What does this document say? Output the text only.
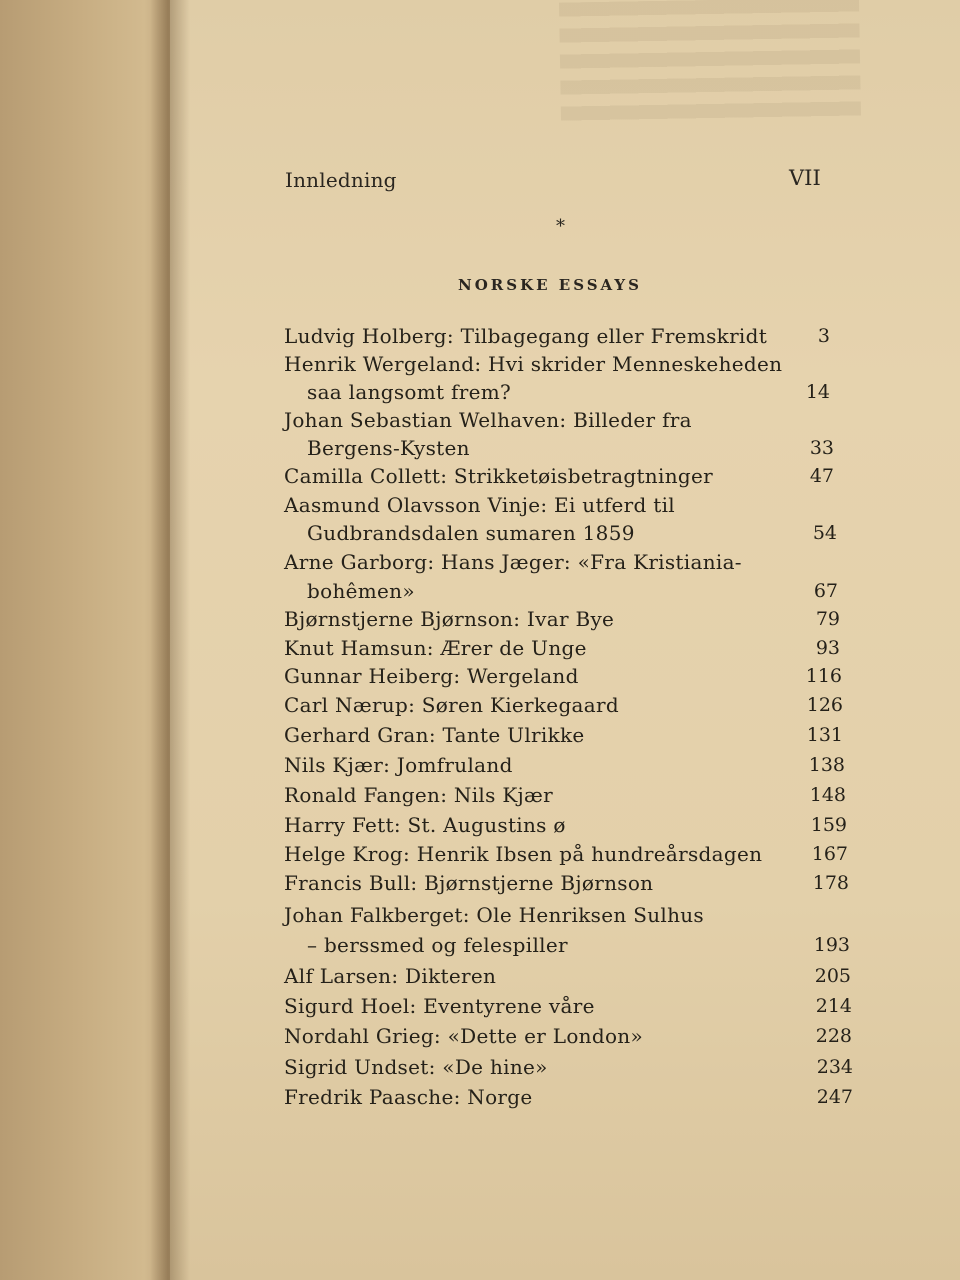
Innledning	VII
*
NORSKE ESSAYS
Ludvig Holberg: Tilbagegang eller Fremskridt	3
Henrik Wergeland: Hvi skrider Menneskeheden
saa langsomt frem?	14
Johan Sebastian Welhaven: Billeder fra
Bergens-Kysten	33
Camilla Collett: Strikketøisbetragtninger	47
Aasmund Olavsson Vinje: Ei utferd til
Gudbrandsdalen sumaren 1859	54
Arne Garborg: Hans Jæger: «Fra Kristiania-
bohêmen»	67
Bjørnstjerne Bjørnson: Ivar Bye	79
Knut Hamsun: Ærer de Unge	93
Gunnar Heiberg: Wergeland	116
Carl Nærup: Søren Kierkegaard	126
Gerhard Gran: Tante Ulrikke	131
Nils Kjær: Jomfruland	138
Ronald Fangen: Nils Kjær	148
Harry Fett: St. Augustins ø	159
Helge Krog: Henrik Ibsen på hundreårsdagen	167
Francis Bull: Bjørnstjerne Bjørnson	178
Johan Falkberget: Ole Henriksen Sulhus
– berssmed og felespiller	193
Alf Larsen: Dikteren	205
Sigurd Hoel: Eventyrene våre	214
Nordahl Grieg: «Dette er London»	228
Sigrid Undset: «De hine»	234
Fredrik Paasche: Norge	247
